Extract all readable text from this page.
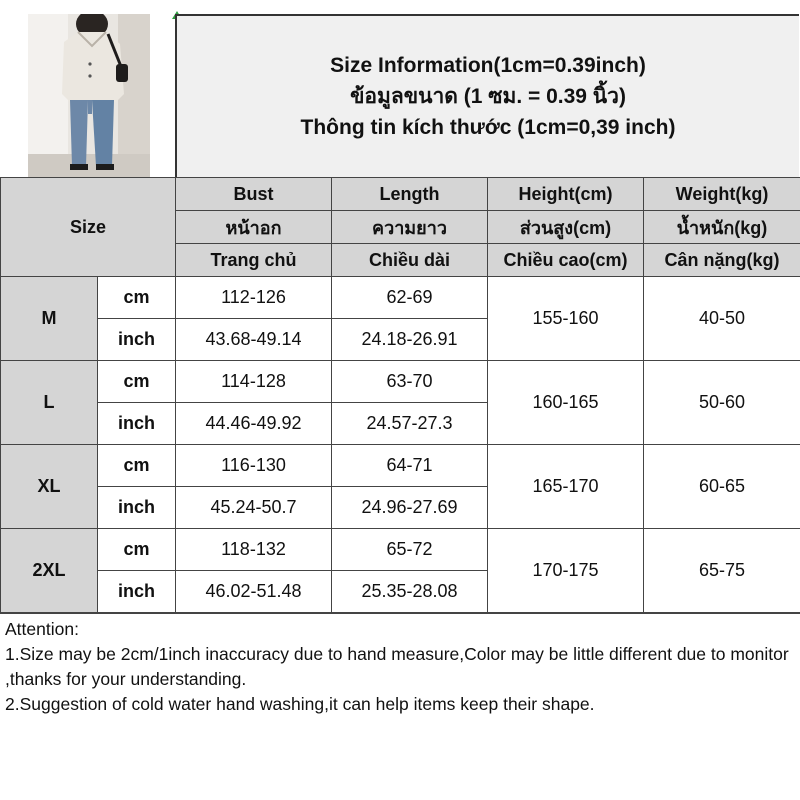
Size Information(1cm=0.39inch)
ข้อมูลขนาด (1 ซม. = 0.39 นิ้ว)
Thông tin kích thước (1cm=0,39 inch)
Size		Bust	Length	Height(cm)	Weight(kg)
		หน้าอก	ความยาว	ส่วนสูง(cm)	น้ำหนัก(kg)
		Trang chủ	Chiều dài	Chiều cao(cm)	Cân nặng(kg)
M	cm	112-126	62-69	155-160	40-50
	inch	43.68-49.14	24.18-26.91		
L	cm	114-128	63-70	160-165	50-60
	inch	44.46-49.92	24.57-27.3		
XL	cm	116-130	64-71	165-170	60-65
	inch	45.24-50.7	24.96-27.69		
2XL	cm	118-132	65-72	170-175	65-75
	inch	46.02-51.48	25.35-28.08		

Attention:

1.Size may be 2cm/1inch inaccuracy due to hand measure,Color may be little different due to monitor ,thanks for your understanding.

2.Suggestion of cold water hand washing,it can help items keep their shape.
